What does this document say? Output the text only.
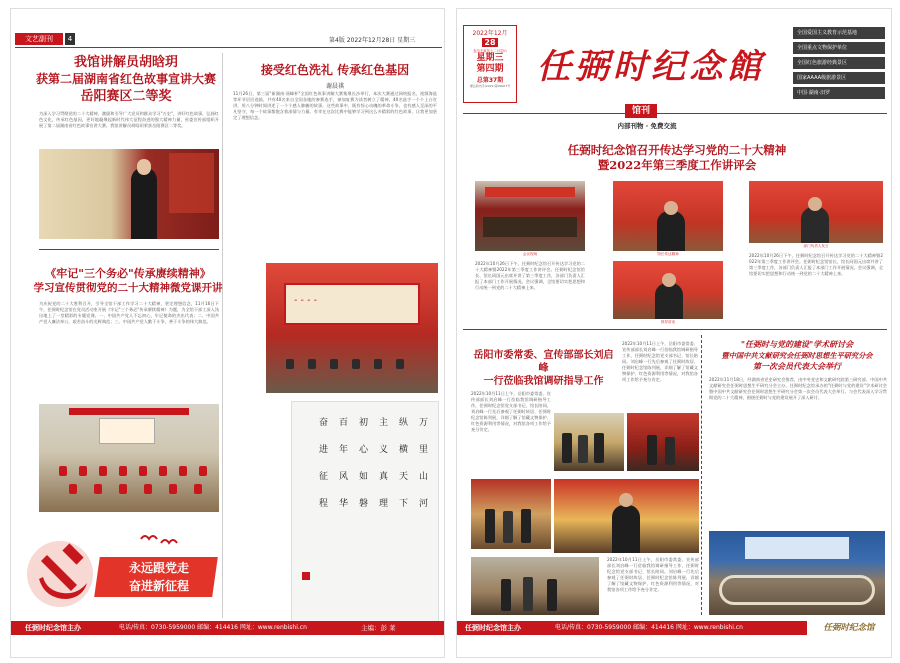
文艺副刊	4	第4版 2022年12月28日 星期三
我馆讲解员胡晗玥
获第二届湖南省红色故事宣讲大赛
岳阳赛区二等奖
为深入学习贯彻党的二十大精神，激励和引导广大党员和群众学习"五史"，讲好红色故事，弘扬红色文化，传承红色基因，更好地凝聚起新时代伟大征程奋进的强大精神力量，省委宣传部组织开展了第二届湖南省红色故事宣讲大赛。我馆讲解员胡晗玥荣获岳阳赛区二等奖。
《牢记"三个务必"传承赓续精神》
学习宣传贯彻党的二十大精神微党课开讲
为庆祝党的二十大胜利召开，引导全馆干部工作学习二十大精神，坚定理想信念，11月16日下午，任弼时纪念馆在党员活动室开展《牢记"三个务必"传承赓续精神》为题，为全馆干部工深入浅出地上了一堂精彩的专题党课。一、中国共产党人不忘初心，牢记使命的杰出代表；二、中国共产党人廉洁奉公，艰苦奋斗的光辉典范；三、中国共产党人勤于斗争，善于斗争的伟大典范。
永远跟党走
奋进新征程
接受红色洗礼 传承红色基因
谢晨祺
11月26日，第三届"新湖南·谣峰杯"全国红色故事讲解大赛集聚长沙举行，本次大赛通过网络报名，视频海选等环节层层选拔，共有40名来自全国各地的参赛选手，参加复赛为读者树立了精神。40名选手一个个上台宣讲，用八分钟时间讲述了一个个感人肺腑的故事，这些故事中，既有惊心动魄的革命斗争，也有感人至深的平凡坚守，每一个故事都饱含着深情与力量。有幸在这次比赛中能够学习到这么多精彩的红色故事，让我更加坚定了理想信念。
- - - -
万
里
山
河
纵
横
天
下
主
义
真
理
初
心
如
磐
百
年
风
华
奋
进
征
程
任弼时纪念馆主办	电话/传真：0730-5959000 邮编：414416 网址：www.renbishi.cn	主编：彭 莱
2022年12月
28
农历壬寅年十二月初六
星期三
第四期
总第37期
湘岳新内字(2021)第00007号 任弼时纪念館
全国爱国主义教育示范基地
全国重点文物保护单位
全国红色旅游经典景区
国家AAAA级旅游景区
中国·湖南·汨罗
馆刊
内部刊物 · 免费交流
任弼时纪念馆召开传达学习党的二十大精神
暨2022年第三季度工作讲评会
会议现场	馆长传达精神
部门负责人发言
2022年10月26日下午，任弼时纪念馆召开传达学习党的二十大精神暨2022年第三季度工作讲评会。任弼时纪念馆馆长、馆长同国元出席并讲了第三季度工作，各部门负责人汇报了本部门工作开展情况。会议强调，全馆要切实把思想和行动统一到党的二十大精神上来。
领导讲话
2022年10月26日下午，任弼时纪念馆召开传达学习党的二十大精神暨2022年第三季度工作讲评会。任弼时纪念馆馆长、馆长同国元出席并讲了第三季度工作，各部门负责人汇报了本部门工作开展情况。会议强调，全馆要切实把思想和行动统一到党的二十大精神上来。
岳阳市委常委、宣传部部长刘启峰
一行莅临我馆调研指导工作
2022年10月11日上午，岳阳市委常委、宣传部部长刘启峰一行莅临我馆调研指导工作，任弼时纪念馆党支部书记、馆长陪同。刘启峰一行先后参观了任弼时故居、任弼时纪念馆陈列展，详细了解了馆藏文物保护、红色资源利用等情况，对我馆各项工作给予充分肯定。
2022年10月11日上午，岳阳市委常委、宣传部部长刘启峰一行莅临我馆调研指导工作，任弼时纪念馆党支部书记、馆长陪同。刘启峰一行先后参观了任弼时故居、任弼时纪念馆陈列展，详细了解了馆藏文物保护、红色资源利用等情况，对我馆各项工作给予充分肯定。
2022年10月11日上午，岳阳市委常委、宣传部部长刘启峰一行莅临我馆调研指导工作，任弼时纪念馆党支部书记、馆长陪同。刘启峰一行先后参观了任弼时故居、任弼时纪念馆陈列展，详细了解了馆藏文物保护、红色资源利用等情况，对我馆各项工作给予充分肯定。
"任弼时与党的建设"学术研讨会
暨中国中共文献研究会任弼时思想生平研究分会
第一次会员代表大会举行
2022年11月18日，经湖南省党史研究会推荐，由中央党史和文献研究院第三研究部、中国中共文献研究会任弼时思想生平研究分会主办，任弼时纪念馆承办的"任弼时与党的建设"学术研讨会暨中国中共文献研究会任弼时思想生平研究分会第一次会员代表大会举行。与会代表深入学习贯彻党的二十大精神，围绕任弼时与党的建设展开了深入研讨。
任弼时纪念馆主办	电话/传真：0730-5959000 邮编：414416 网址：www.renbishi.cn	任弼时纪念馆
